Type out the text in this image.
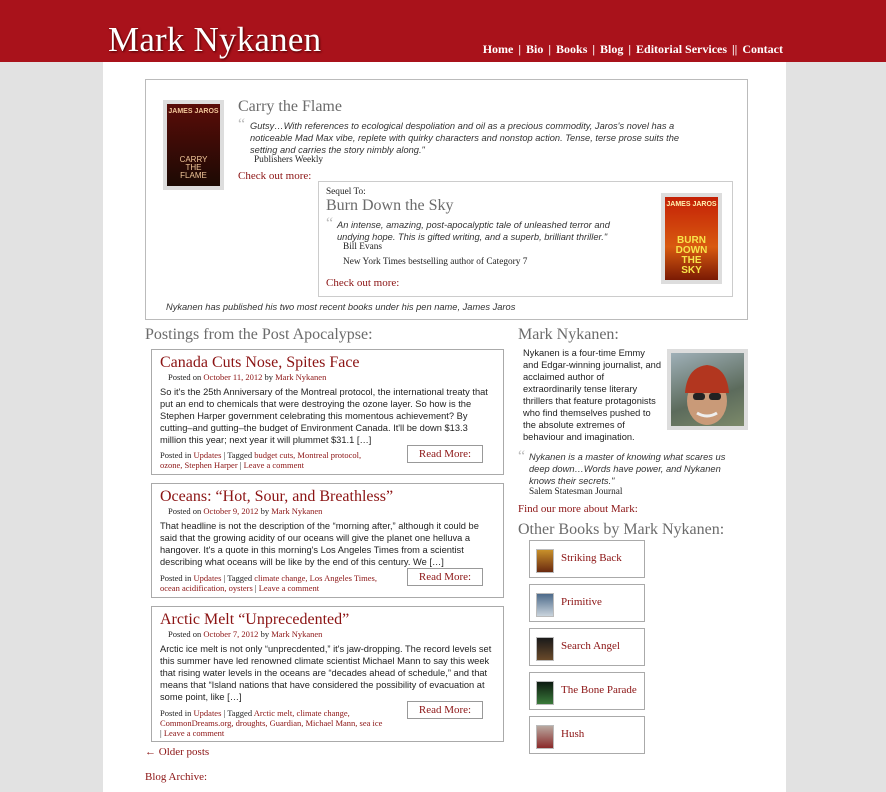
Mark Nykanen	Home | Bio | Books | Blog | Editorial Services || Contact
JAMES JAROS
CARRY THE FLAME
Carry the Flame
“ Gutsy…With references to ecological despoliation and oil as a precious commodity, Jaros's novel has a noticeable Mad Max vibe, replete with quirky characters and nonstop action. Tense, terse prose suits the setting and carries the story nimbly along."
Publishers Weekly
Check out more:
Sequel To:
Burn Down the Sky
“ An intense, amazing, post-apocalyptic tale of unleashed terror and undying hope. This is gifted writing, and a superb, brilliant thriller."
Bill Evans
New York Times bestselling author of Category 7
Check out more:
JAMES JAROS
BURN DOWN THE SKY
Nykanen has published his two most recent books under his pen name, James Jaros
Postings from the Post Apocalypse:
Canada Cuts Nose, Spites Face
Posted on October 11, 2012 by Mark Nykanen
So it's the 25th Anniversary of the Montreal protocol, the international treaty that put an end to chemicals that were destroying the ozone layer. So how is the Stephen Harper government celebrating this momentous achievement? By cutting–and gutting–the budget of Environment Canada. It'll be down $13.3 million this year; next year it will plummet $31.1 […]
Posted in Updates | Tagged budget cuts, Montreal protocol, ozone, Stephen Harper | Leave a comment
Read More:
Oceans: “Hot, Sour, and Breathless”
Posted on October 9, 2012 by Mark Nykanen
That headline is not the description of the “morning after,” although it could be said that the growing acidity of our oceans will give the planet one helluva a hangover. It's a quote in this morning's Los Angeles Times from a scientist describing what oceans will be like by the end of this century. We […]
Posted in Updates | Tagged climate change, Los Angeles Times, ocean acidification, oysters | Leave a comment
Read More:
Arctic Melt “Unprecedented”
Posted on October 7, 2012 by Mark Nykanen
Arctic ice melt is not only “unprecdented,” it's jaw-dropping. The record levels set this summer have led renowned climate scientist Michael Mann to say this week that rising water levels in the oceans are “decades ahead of schedule,” and that means that “Island nations that have considered the possibility of evacuation at some point, like […]
Posted in Updates | Tagged Arctic melt, climate change, CommonDreams.org, droughts, Guardian, Michael Mann, sea ice | Leave a comment
Read More:
← Older posts
Blog Archive:
Mark Nykanen:
Nykanen is a four-time Emmy and Edgar-winning journalist, and acclaimed author of extraordinarily tense literary thrillers that feature protagonists who find themselves pushed to the absolute extremes of behaviour and imagination.
“ Nykanen is a master of knowing what scares us deep down…Words have power, and Nykanen knows their secrets."
Salem Statesman Journal
Find our more about Mark:
Other Books by Mark Nykanen:
Striking Back
Primitive
Search Angel
The Bone Parade
Hush
